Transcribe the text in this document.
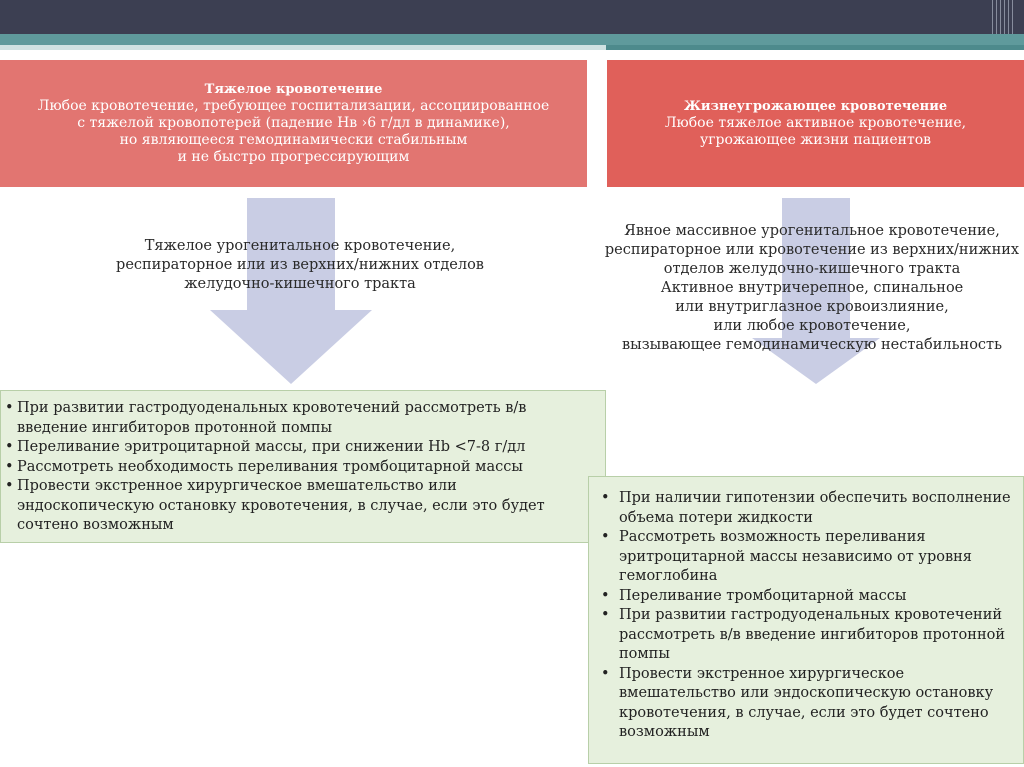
Тяжелое кровотечение
Любое кровотечение, требующее госпитализации, ассоциированное
с тяжелой кровопотерей (падение Нв ›6 г/дл в динамике),
но являющееся гемодинамически стабильным
и не быстро прогрессирующим
Жизнеугрожающее кровотечение
Любое тяжелое активное кровотечение,
угрожающее жизни пациентов
Тяжелое урогенитальное кровотечение,
респираторное или из верхних/нижних отделов
желудочно-кишечного тракта
Явное массивное урогенитальное кровотечение,
респираторное или кровотечение из верхних/нижних
отделов желудочно-кишечного тракта
Активное внутричерепное, спинальное
или внутриглазное кровоизлияние,
или любое кровотечение,
вызывающее гемодинамическую нестабильность
• При развитии гастродуоденальных кровотечений рассмотреть в/в введение ингибиторов протонной помпы
• Переливание эритроцитарной массы, при снижении Hb <7-8 г/дл
• Рассмотреть необходимость переливания тромбоцитарной массы
• Провести экстренное хирургическое вмешательство или эндоскопическую остановку кровотечения, в случае, если это будет сочтено возможным
• При наличии гипотензии обеспечить восполнение объема потери жидкости
• Рассмотреть возможность переливания эритроцитарной массы независимо от уровня гемоглобина
• Переливание тромбоцитарной массы
• При развитии гастродуоденальных кровотечений рассмотреть в/в введение ингибиторов протонной помпы
• Провести экстренное хирургическое вмешательство или эндоскопическую остановку кровотечения, в случае, если это будет сочтено возможным
